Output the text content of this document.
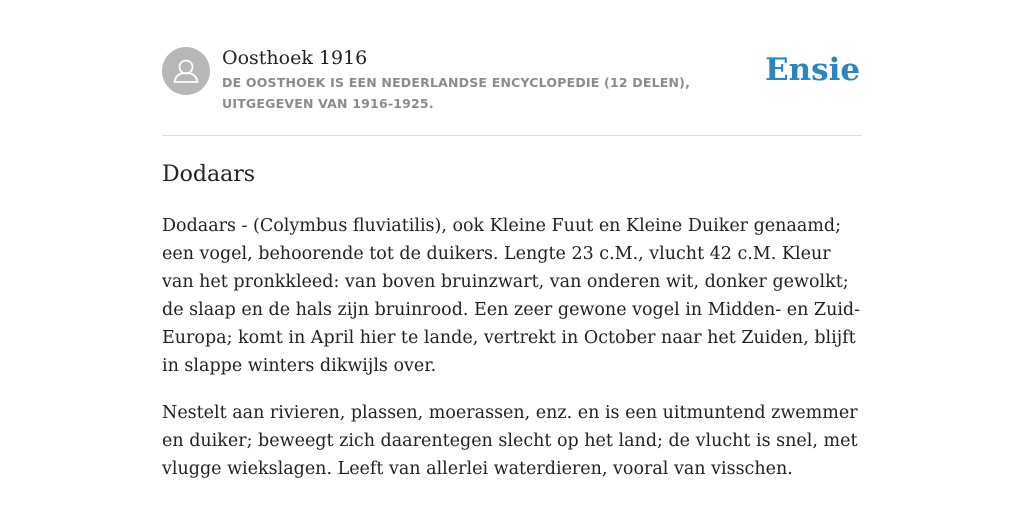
Oosthoek 1916
DE OOSTHOEK IS EEN NEDERLANDSE ENCYCLOPEDIE (12 DELEN), UITGEGEVEN VAN 1916-1925.
Ensie
Dodaars

Dodaars - (Colymbus fluviatilis), ook Kleine Fuut en Kleine Duiker genaamd; een vogel, behoorende tot de duikers. Lengte 23 c.M., vlucht 42 c.M. Kleur van het pronkkleed: van boven bruinzwart, van onderen wit, donker gewolkt; de slaap en de hals zijn bruinrood. Een zeer gewone vogel in Midden- en Zuid-Europa; komt in April hier te lande, vertrekt in October naar het Zuiden, blijft in slappe winters dikwijls over.

Nestelt aan rivieren, plassen, moerassen, enz. en is een uitmuntend zwemmer en duiker; beweegt zich daarentegen slecht op het land; de vlucht is snel, met vlugge wiekslagen. Leeft van allerlei waterdieren, vooral van visschen.
